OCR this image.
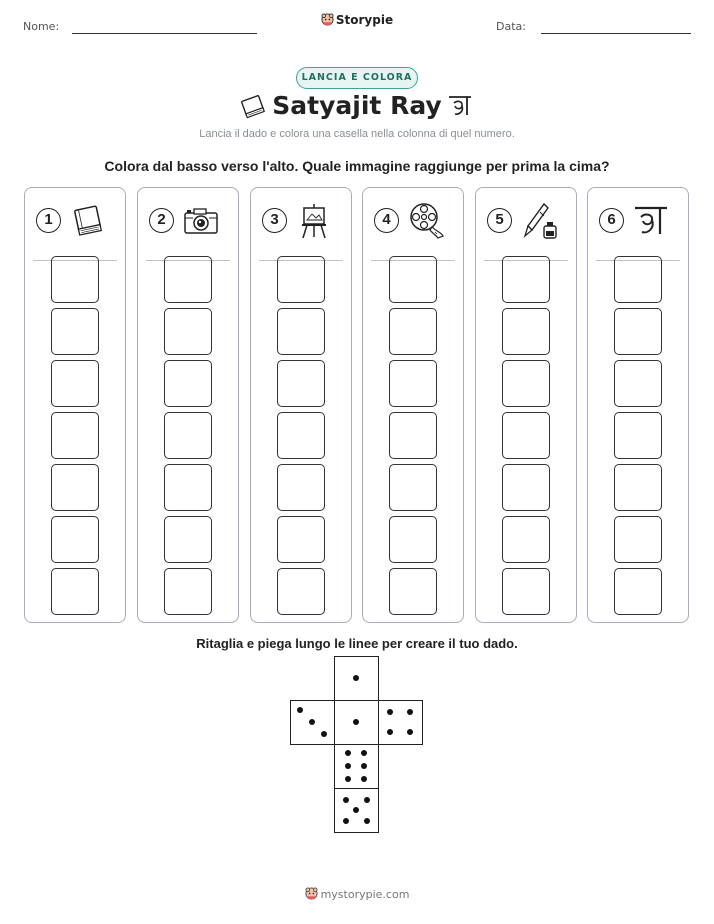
Nome:	Data:
Storypie
LANCIA E COLORA
Satyajit Ray
Lancia il dado e colora una casella nella colonna di quel numero.
Colora dal basso verso l'alto. Quale immagine raggiunge per prima la cima?
1	2	3	4	5	6
Ritaglia e piega lungo le linee per creare il tuo dado.
mystorypie.com
